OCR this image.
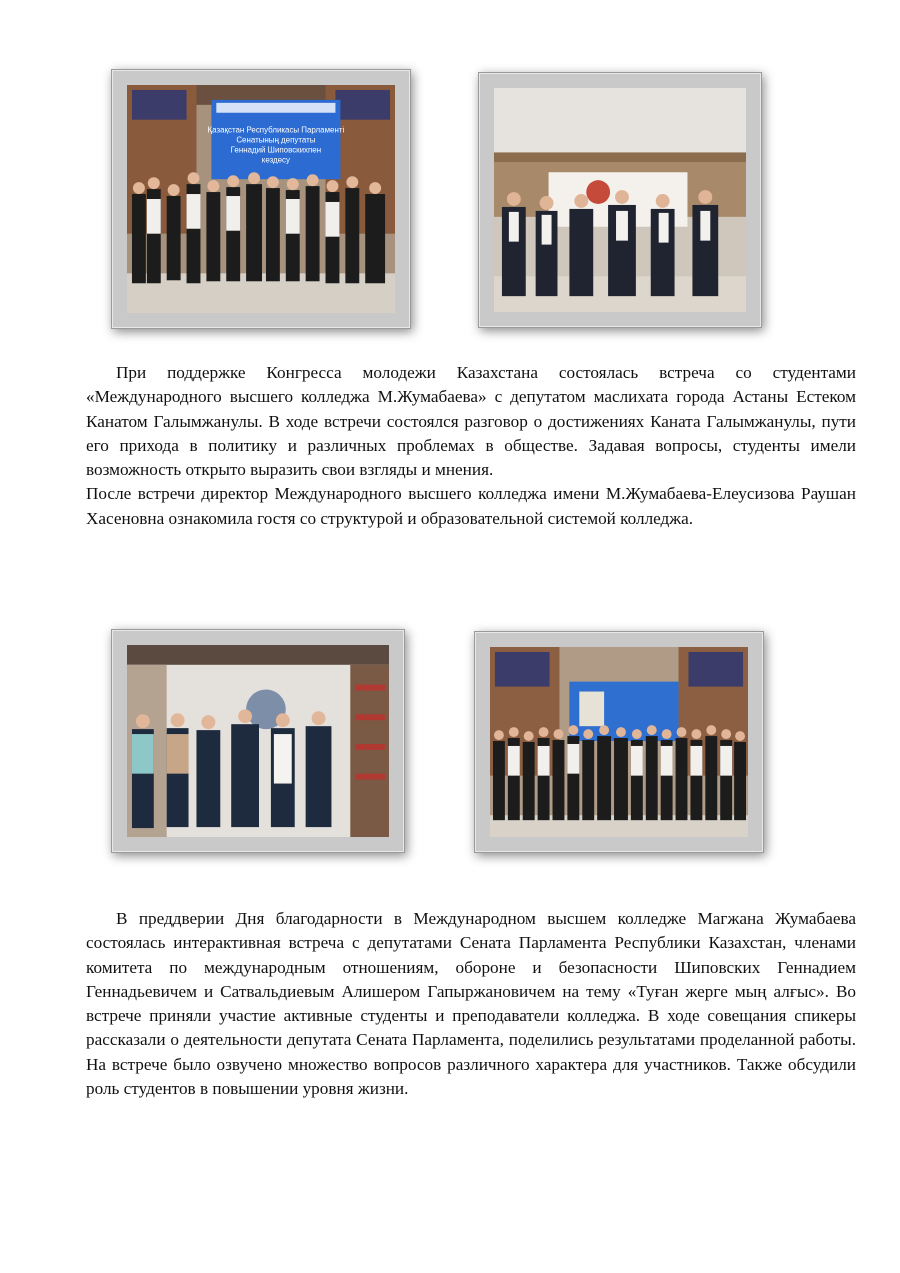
Қазақстан Республикасы Парламенті
Сенатының депутаты
Геннадий Шиповскихпен
кездесу

При поддержке Конгресса молодежи Казахстана состоялась встреча со студентами «Международного высшего колледжа М.Жумабаева» с депутатом маслихата города Астаны Естеком Канатом Галымжанулы. В ходе встречи состоялся разговор о достижениях Каната Галымжанулы, пути его прихода в политику и различных проблемах в обществе. Задавая вопросы, студенты имели возможность открыто выразить свои взгляды и мнения.

После встречи директор Международного высшего колледжа имени М.Жумабаева-Елеусизова Раушан Хасеновна ознакомила гостя со структурой и образовательной системой колледжа.

В преддверии Дня благодарности в Международном высшем колледже Магжана Жумабаева состоялась интерактивная встреча с депутатами Сената Парламента Республики Казахстан, членами комитета по международным отношениям, обороне и безопасности Шиповских Геннадием Геннадьевичем и Сатвальдиевым Алишером Гапыржановичем на тему «Туған жерге мың алғыс». Во встрече приняли участие активные студенты и преподаватели колледжа. В ходе совещания спикеры рассказали о деятельности депутата Сената Парламента, поделились результатами проделанной работы. На встрече было озвучено множество вопросов различного характера для участников. Также обсудили роль студентов в повышении уровня жизни.
